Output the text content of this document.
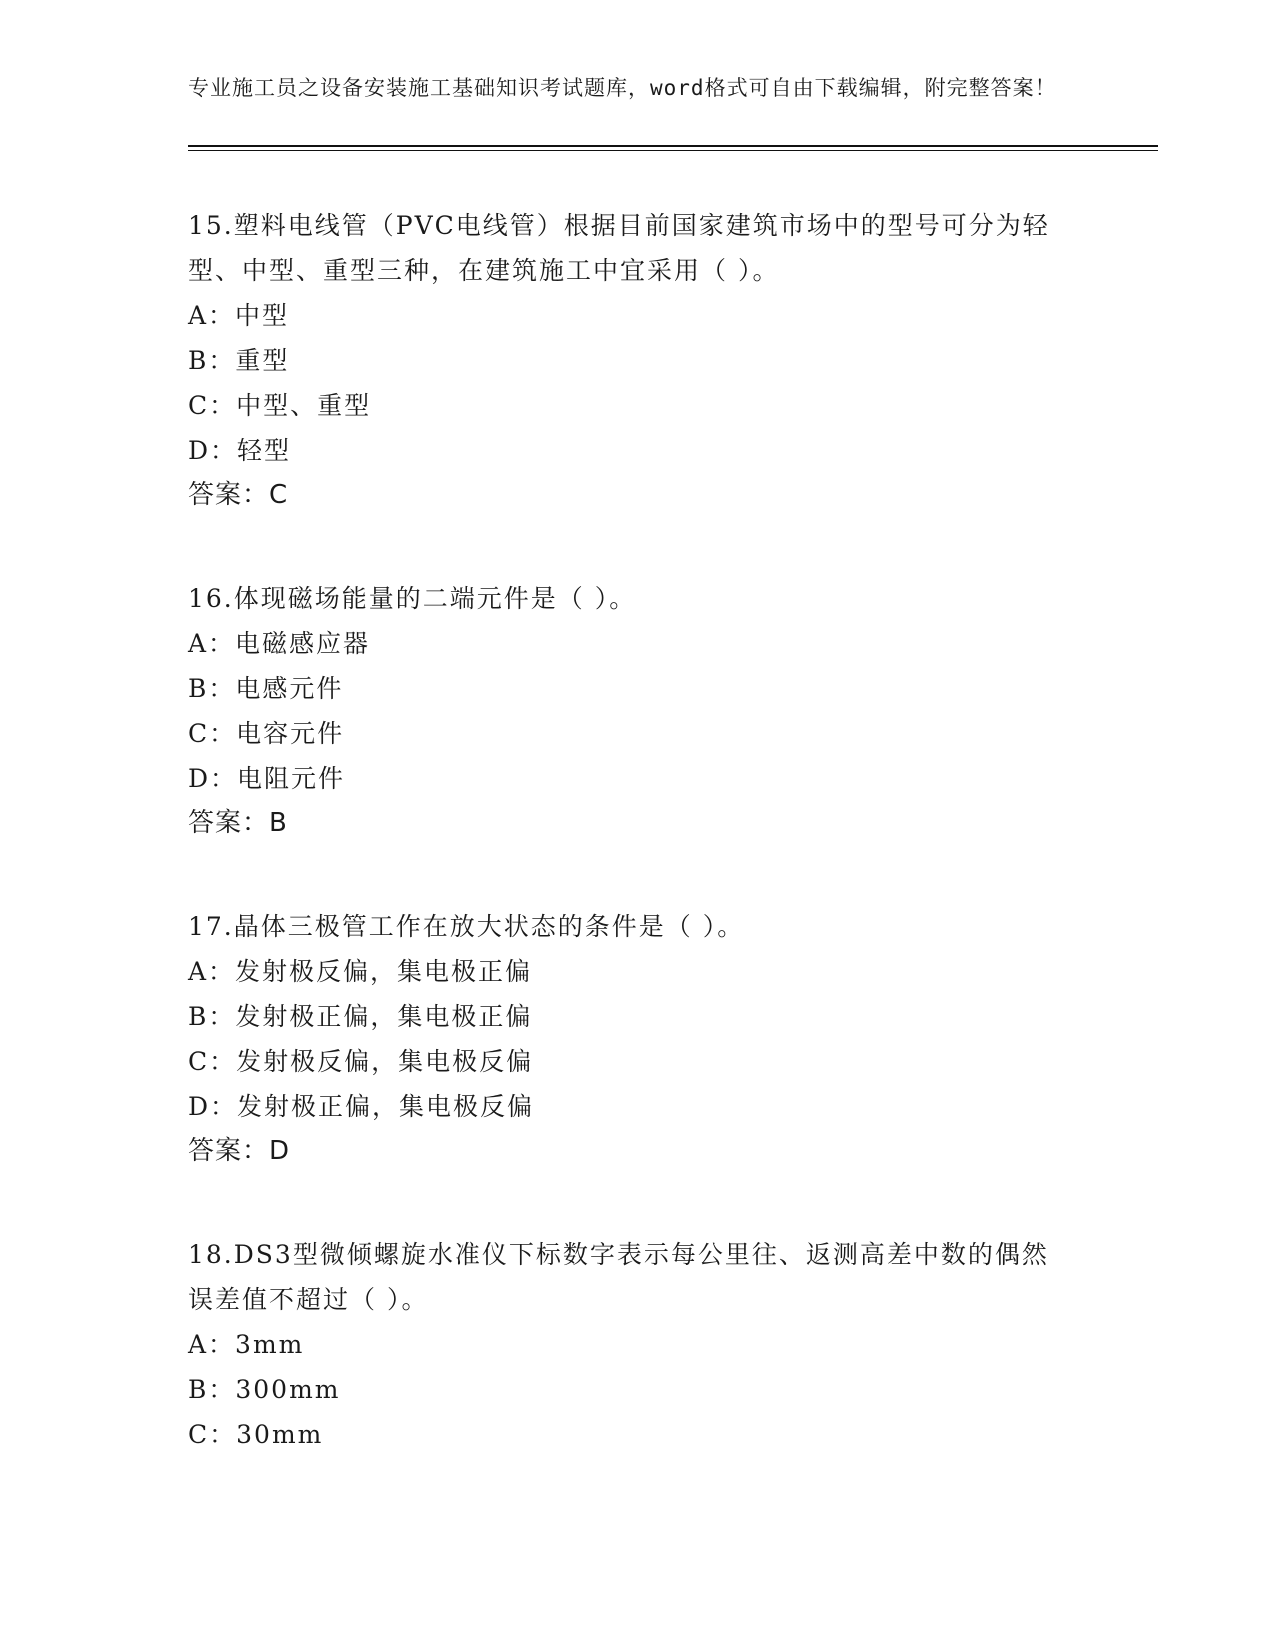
专业施工员之设备安装施工基础知识考试题库，word格式可自由下载编辑，附完整答案！

15.塑料电线管（PVC电线管）根据目前国家建筑市场中的型号可分为轻型、中型、重型三种，在建筑施工中宜采用（ ）。

A：中型

B：重型

C：中型、重型

D：轻型

答案：C

16.体现磁场能量的二端元件是（ ）。

A：电磁感应器

B：电感元件

C：电容元件

D：电阻元件

答案：B

17.晶体三极管工作在放大状态的条件是（ ）。

A：发射极反偏，集电极正偏

B：发射极正偏，集电极正偏

C：发射极反偏，集电极反偏

D：发射极正偏，集电极反偏

答案：D

18.DS3型微倾螺旋水准仪下标数字表示每公里往、返测高差中数的偶然误差值不超过（ ）。

A：3mm

B：300mm

C：30mm
